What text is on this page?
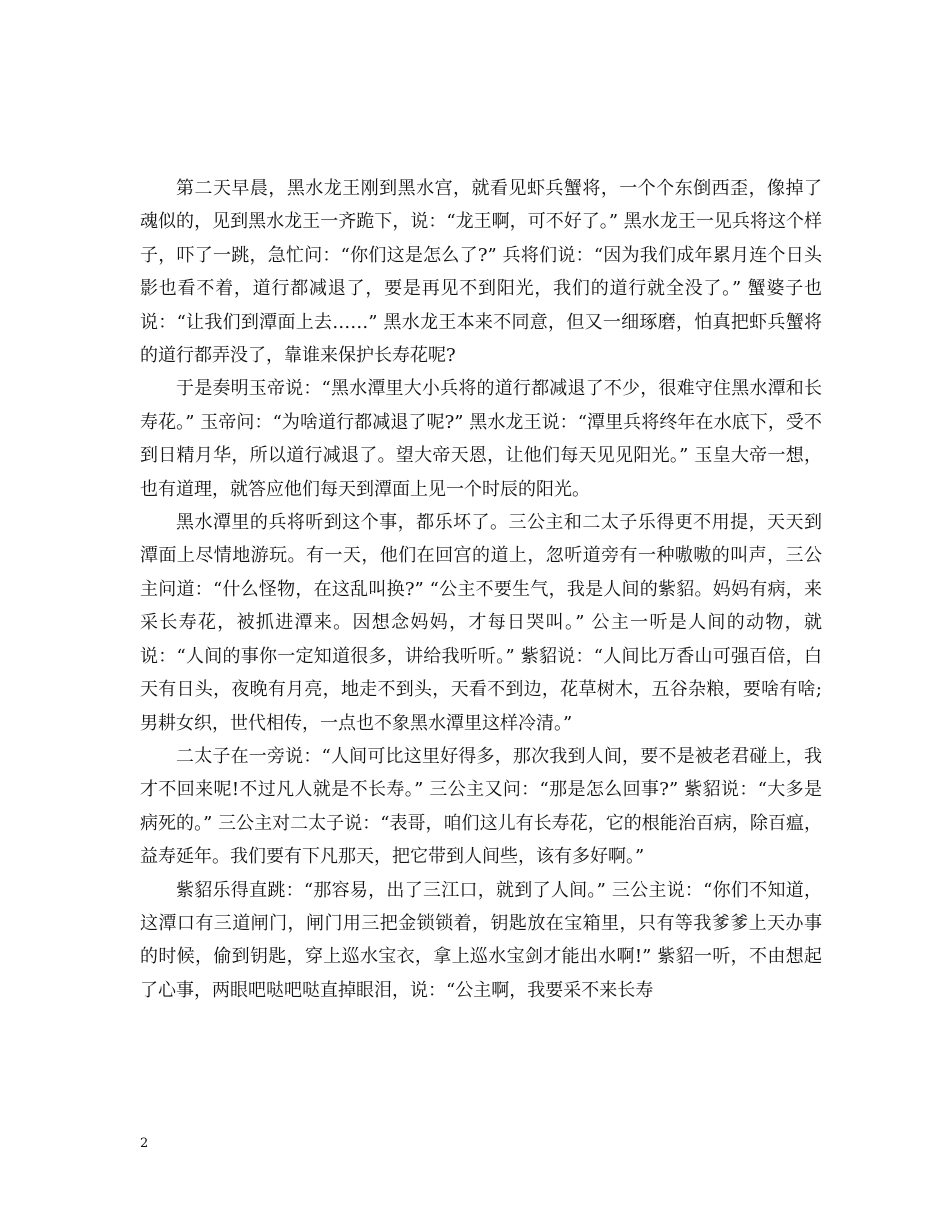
第二天早晨，黑水龙王刚到黑水宫，就看见虾兵蟹将，一个个东倒西歪，像掉了魂似的，见到黑水龙王一齐跪下，说：“龙王啊，可不好了。” 黑水龙王一见兵将这个样子，吓了一跳，急忙问：“你们这是怎么了?” 兵将们说：“因为我们成年累月连个日头影也看不着，道行都减退了，要是再见不到阳光，我们的道行就全没了。” 蟹婆子也说：“让我们到潭面上去……” 黑水龙王本来不同意，但又一细琢磨，怕真把虾兵蟹将的道行都弄没了，靠谁来保护长寿花呢?

于是奏明玉帝说：“黑水潭里大小兵将的道行都减退了不少，很难守住黑水潭和长寿花。” 玉帝问：“为啥道行都减退了呢?” 黑水龙王说：“潭里兵将终年在水底下，受不到日精月华，所以道行减退了。望大帝天恩，让他们每天见见阳光。” 玉皇大帝一想，也有道理，就答应他们每天到潭面上见一个时辰的阳光。

黑水潭里的兵将听到这个事，都乐坏了。三公主和二太子乐得更不用提，天天到潭面上尽情地游玩。有一天，他们在回宫的道上，忽听道旁有一种嗷嗷的叫声，三公主问道：“什么怪物，在这乱叫换?” “公主不要生气，我是人间的紫貂。妈妈有病，来采长寿花，被抓进潭来。因想念妈妈，才每日哭叫。” 公主一听是人间的动物，就说：“人间的事你一定知道很多，讲给我听听。” 紫貂说：“人间比万香山可强百倍，白天有日头，夜晚有月亮，地走不到头，天看不到边，花草树木，五谷杂粮，要啥有啥;男耕女织，世代相传，一点也不象黑水潭里这样冷清。”

二太子在一旁说：“人间可比这里好得多，那次我到人间，要不是被老君碰上，我才不回来呢!不过凡人就是不长寿。” 三公主又问：“那是怎么回事?” 紫貂说：“大多是病死的。” 三公主对二太子说：“表哥，咱们这儿有长寿花，它的根能治百病，除百瘟，益寿延年。我们要有下凡那天，把它带到人间些，该有多好啊。”

紫貂乐得直跳：“那容易，出了三江口，就到了人间。” 三公主说：“你们不知道，这潭口有三道闸门，闸门用三把金锁锁着，钥匙放在宝箱里，只有等我爹爹上天办事的时候，偷到钥匙，穿上巡水宝衣，拿上巡水宝剑才能出水啊!” 紫貂一听，不由想起了心事，两眼吧哒吧哒直掉眼泪，说：“公主啊，我要采不来长寿

2
